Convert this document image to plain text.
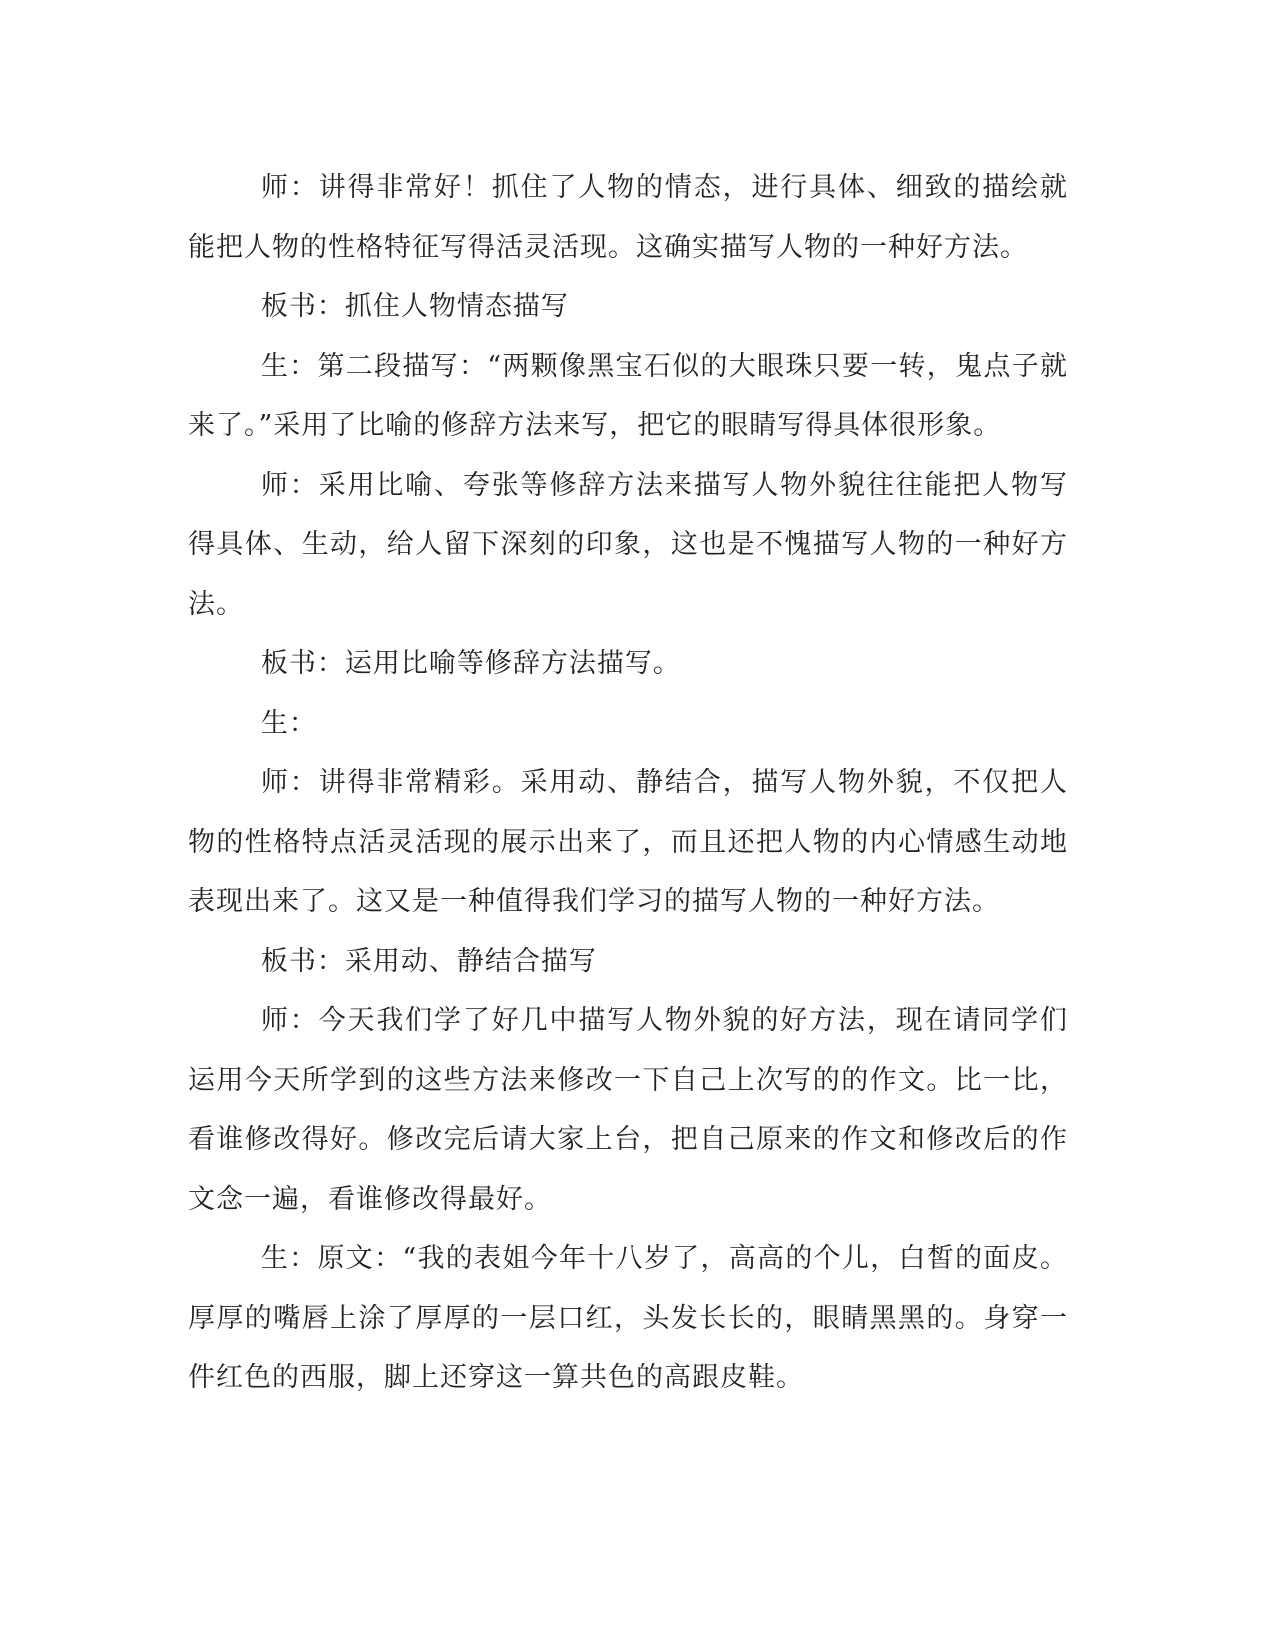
师：讲得非常好！抓住了人物的情态，进行具体、细致的描绘就能把人物的性格特征写得活灵活现。这确实描写人物的一种好方法。

板书：抓住人物情态描写

生：第二段描写：“两颗像黑宝石似的大眼珠只要一转，鬼点子就来了。”采用了比喻的修辞方法来写，把它的眼睛写得具体很形象。

师：采用比喻、夸张等修辞方法来描写人物外貌往往能把人物写得具体、生动，给人留下深刻的印象，这也是不愧描写人物的一种好方法。

板书：运用比喻等修辞方法描写。

生：

师：讲得非常精彩。采用动、静结合，描写人物外貌，不仅把人物的性格特点活灵活现的展示出来了，而且还把人物的内心情感生动地表现出来了。这又是一种值得我们学习的描写人物的一种好方法。

板书：采用动、静结合描写

师：今天我们学了好几中描写人物外貌的好方法，现在请同学们运用今天所学到的这些方法来修改一下自己上次写的的作文。比一比，看谁修改得好。修改完后请大家上台，把自己原来的作文和修改后的作文念一遍，看谁修改得最好。

生：原文：“我的表姐今年十八岁了，高高的个儿，白皙的面皮。厚厚的嘴唇上涂了厚厚的一层口红，头发长长的，眼睛黑黑的。身穿一件红色的西服，脚上还穿这一算共色的高跟皮鞋。
